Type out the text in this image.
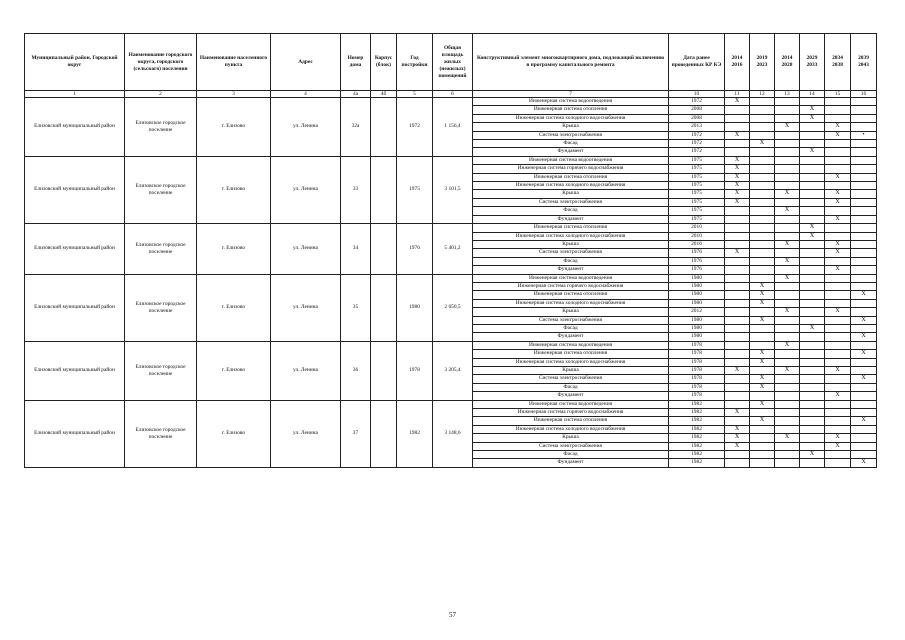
Муниципальный район, Городской округ	Наименование городского округа, городского (сельского) поселения	Наименование населенного пункта	Адрес	Номер дома	Корпус (блок)	Год постройки	Общая площадь жилых (нежилых) помещений	Конструктивный элемент многоквартирного дома, подлежащий включению в программу капитального ремонта	Дата ранее проведенных КР КЭ	2014 2016	2019 2023	2014 2028	2029 2033	2034 2038	2039 2043
1	2	3	4	4а	4б	5	6	7	10	11	12	13	14	15	16
Елизовский муниципальный район	Елизовское городское поселение	г. Елизово	ул. Ленина	32а		1972	1 156,4	Инженерная система водоотведения	1972	X					
								Инженерная система отопления	2008				X		
								Инженерная система холодного водоснабжения	2008				X		
								Крыша	2013			X		X	
								Система электроснабжения	1972	X				X	•
								Фасад	1972		X				
								Фундамент	1972				X		
Елизовский муниципальный район	Елизовское городское поселение	г. Елизово	ул. Ленина	33		1975	3 101,5	Инженерная система водоотведения	1975	X					
								Инженерная система горячего водоснабжения	1975	X					
								Инженерная система отопления	1975	X				X	
								Инженерная система холодного водоснабжения	1975	X					
								Крыша	1975	X		X		X	
								Система электроснабжения	1975	X				X	
								Фасад	1975			X			
								Фундамент	1975					X	
Елизовский муниципальный район	Елизовское городское поселение	г. Елизово	ул. Ленина	34		1976	5 401,2	Инженерная система отопления	2010				X		
								Инженерная система холодного водоснабжения	2010				X		
								Крыша	2016			X		X	
								Система электроснабжения	1976	X				X	
								Фасад	1976			X			
								Фундамент	1976					X	
Елизовский муниципальный район	Елизовское городское поселение	г. Елизово	ул. Ленина	35		1980	2 650,5	Инженерная система водоотведения	1980			X			
								Инженерная система горячего водоснабжения	1980		X				
								Инженерная система отопления	1980		X				X
								Инженерная система холодного водоснабжения	1980		X				
								Крыша	2012			X		X	
								Система электроснабжения	1980		X				X
								Фасад	1980				X		
								Фундамент	1980						X
Елизовский муниципальный район	Елизовское городское поселение	г. Елизово	ул. Ленина	36		1978	3 205,4	Инженерная система водоотведения	1978			X			
								Инженерная система отопления	1978		X				X
								Инженерная система холодного водоснабжения	1978		X				
								Крыша	1978	X		X		X	
								Система электроснабжения	1978		X				X
								Фасад	1978		X				
								Фундамент	1978					X	
Елизовский муниципальный район	Елизовское городское поселение	г. Елизово	ул. Ленина	37		1982	3 148,6	Инженерная система водоотведения	1982		X				
								Инженерная система горячего водоснабжения	1982	X					
								Инженерная система отопления	1982		X				X
								Инженерная система холодного водоснабжения	1982	X					
								Крыша	1982	X		X		X	
								Система электроснабжения	1982	X				X	
								Фасад	1982				X		
								Фундамент	1982						X
57
